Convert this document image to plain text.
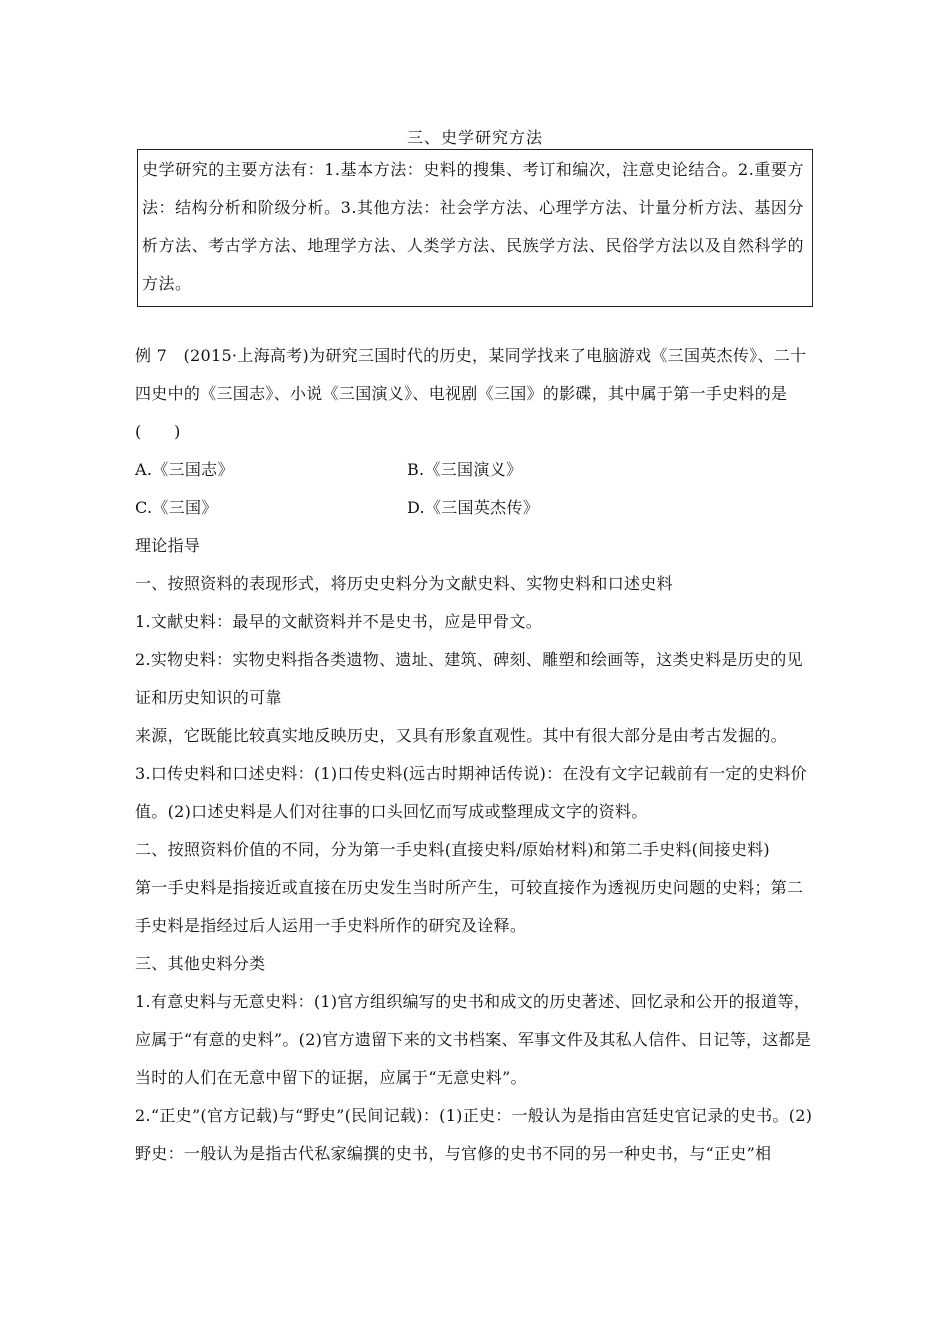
三、史学研究方法
史学研究的主要方法有：1.基本方法：史料的搜集、考订和编次，注意史论结合。2.重要方法：结构分析和阶级分析。3.其他方法：社会学方法、心理学方法、计量分析方法、基因分析方法、考古学方法、地理学方法、人类学方法、民族学方法、民俗学方法以及自然科学的方法。

例 7　(2015·上海高考)为研究三国时代的历史，某同学找来了电脑游戏《三国英杰传》、二十四史中的《三国志》、小说《三国演义》、电视剧《三国》的影碟，其中属于第一手史料的是(　　)

A.《三国志》	B.《三国演义》
C.《三国》	D.《三国英杰传》

理论指导

一、按照资料的表现形式，将历史史料分为文献史料、实物史料和口述史料

1.文献史料：最早的文献资料并不是史书，应是甲骨文。

2.实物史料：实物史料指各类遗物、遗址、建筑、碑刻、雕塑和绘画等，这类史料是历史的见证和历史知识的可靠

来源，它既能比较真实地反映历史，又具有形象直观性。其中有很大部分是由考古发掘的。

3.口传史料和口述史料：(1)口传史料(远古时期神话传说)：在没有文字记载前有一定的史料价值。(2)口述史料是人们对往事的口头回忆而写成或整理成文字的资料。

二、按照资料价值的不同，分为第一手史料(直接史料/原始材料)和第二手史料(间接史料)

第一手史料是指接近或直接在历史发生当时所产生，可较直接作为透视历史问题的史料；第二手史料是指经过后人运用一手史料所作的研究及诠释。

三、其他史料分类

1.有意史料与无意史料：(1)官方组织编写的史书和成文的历史著述、回忆录和公开的报道等，应属于“有意的史料”。(2)官方遗留下来的文书档案、军事文件及其私人信件、日记等，这都是当时的人们在无意中留下的证据，应属于“无意史料”。

2.“正史”(官方记载)与“野史”(民间记载)：(1)正史：一般认为是指由宫廷史官记录的史书。(2)野史：一般认为是指古代私家编撰的史书，与官修的史书不同的另一种史书，与“正史”相
